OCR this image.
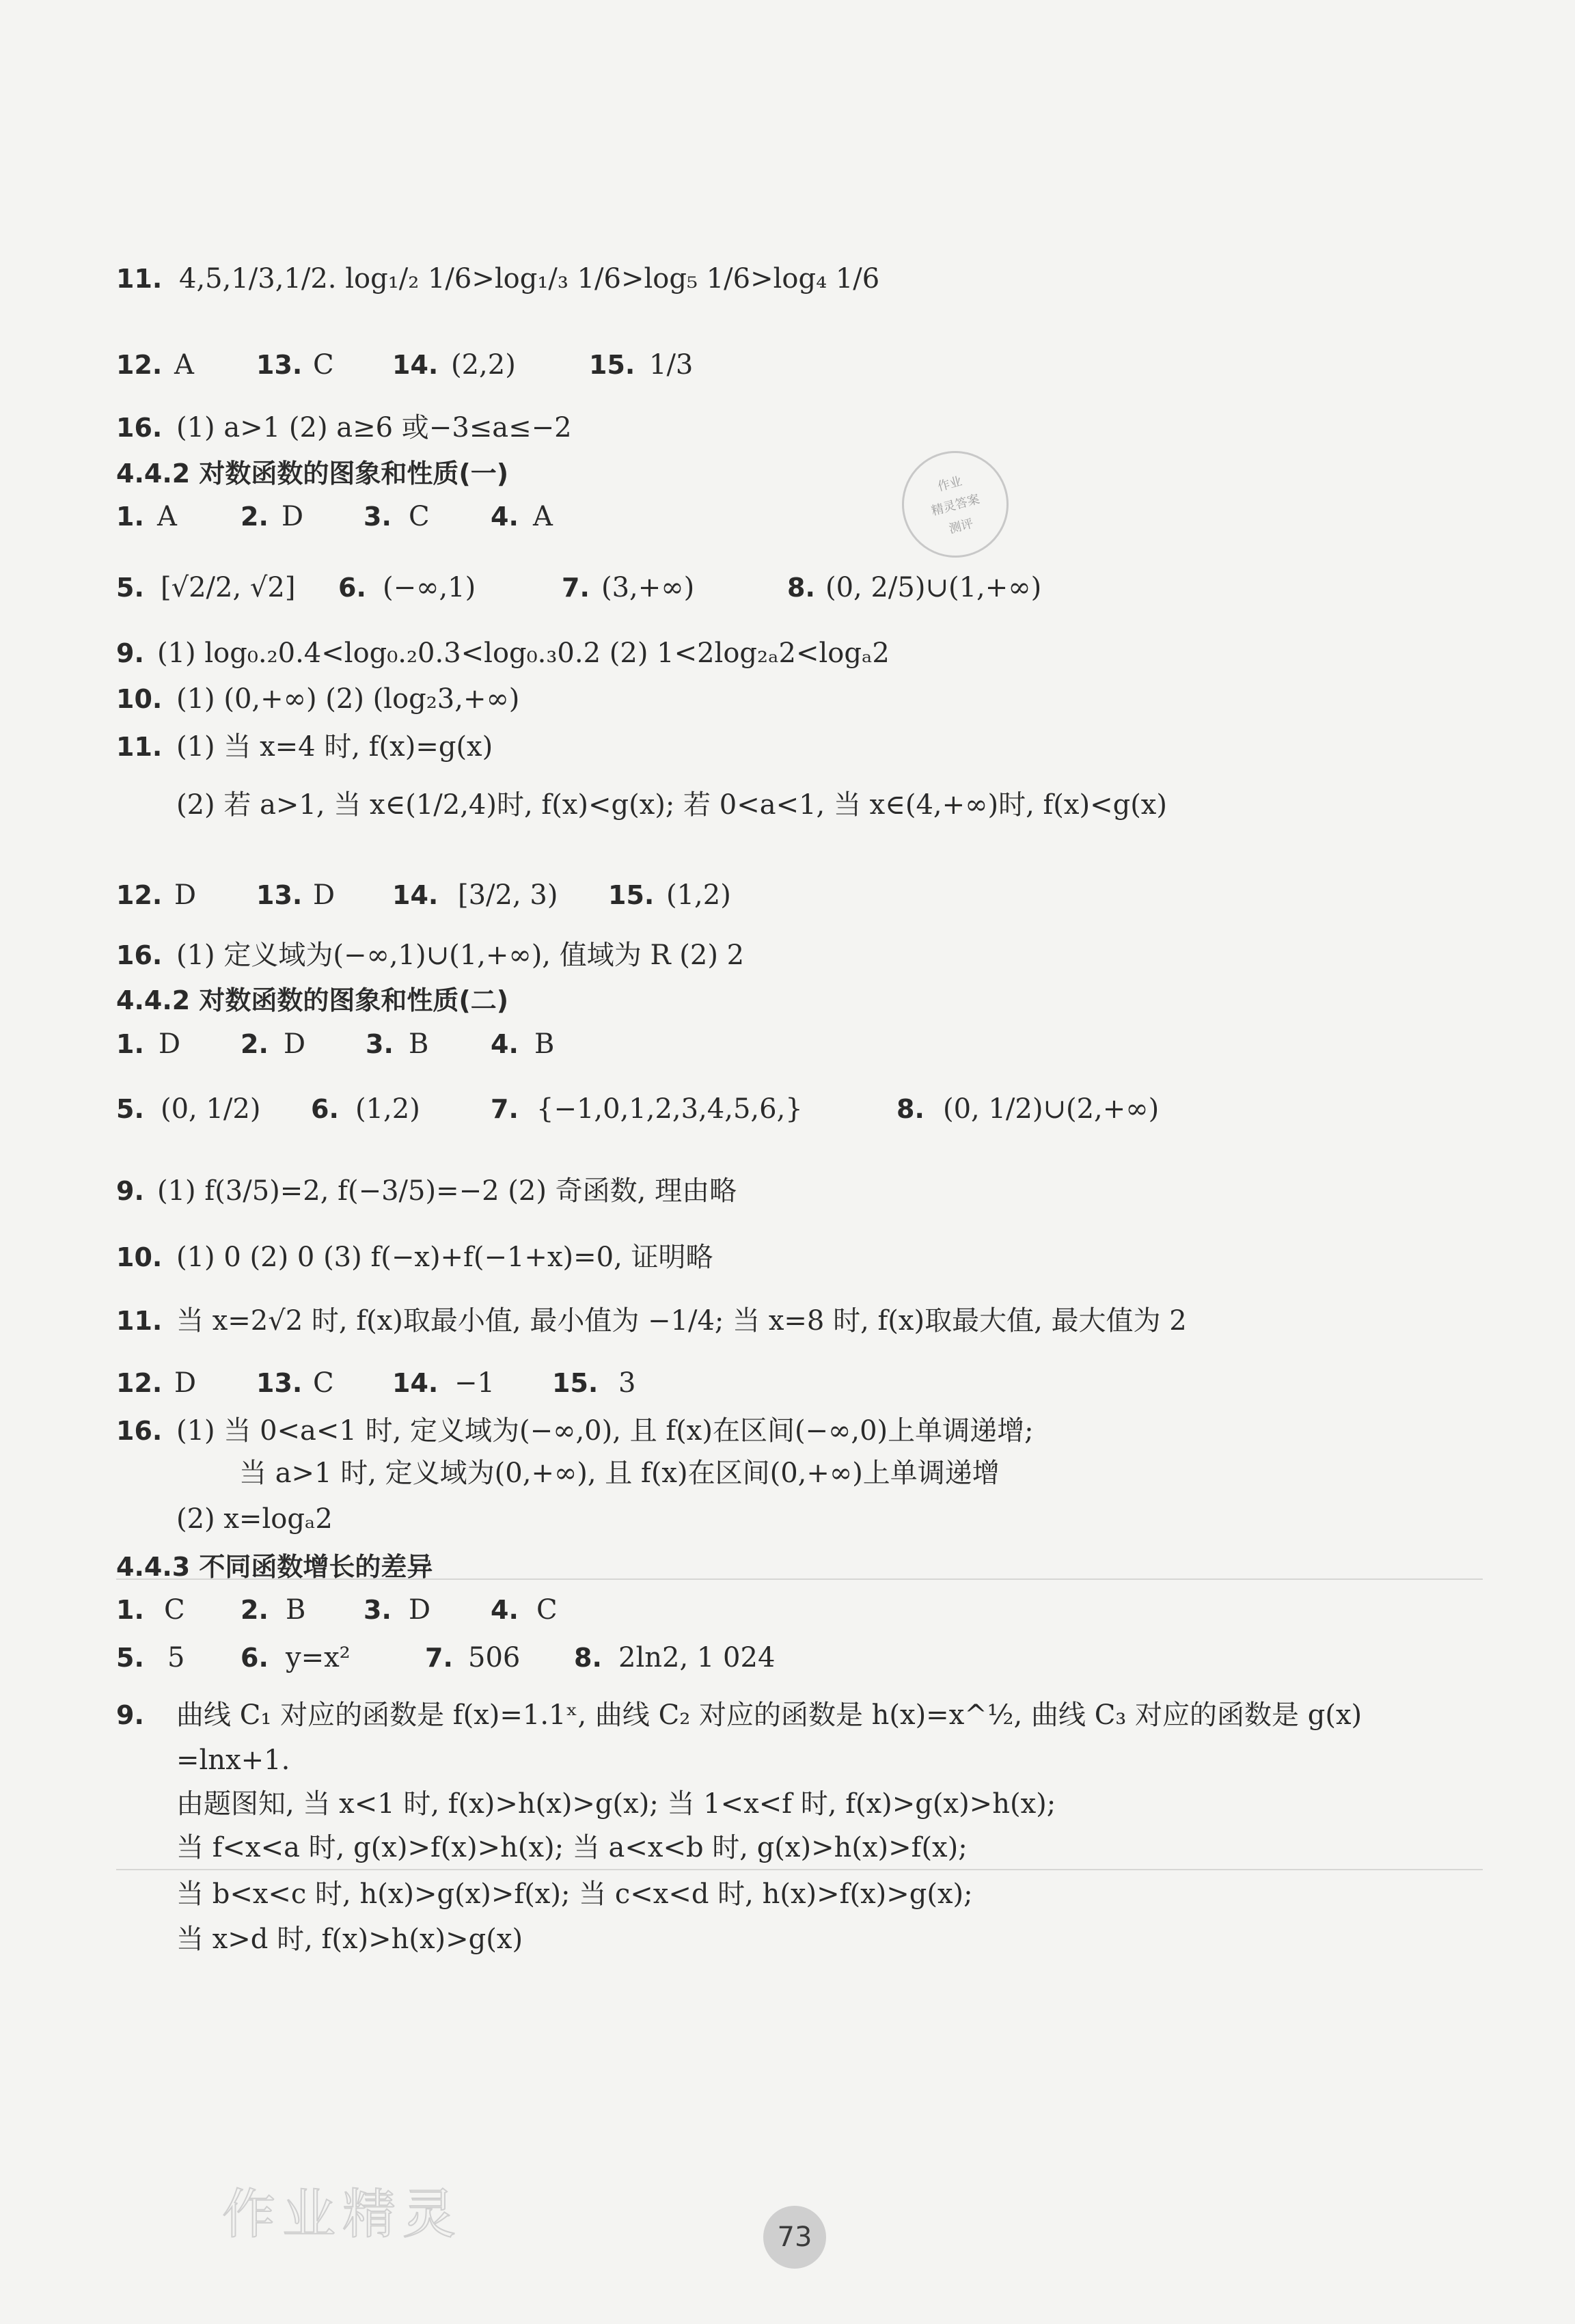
作业
精灵答案
测评
作业精灵	73
11. 4,5,1/3,1/2. log₁/₂ 1/6>log₁/₃ 1/6>log₅ 1/6>log₄ 1/6
12. A 13. C 14. (2,2)	15. 1/3
16. (1) a>1 (2) a≥6 或−3≤a≤−2
4.4.2 对数函数的图象和性质(一)
1. A 2. D 3. C 4. A
5. [√2/2, √2] 6. (−∞,1)	7. (3,+∞)	8. (0, 2/5)∪(1,+∞)
9. (1) log₀.₂0.4<log₀.₂0.3<log₀.₃0.2 (2) 1<2log₂ₐ2<logₐ2
10. (1) (0,+∞) (2) (log₂3,+∞)
11. (1) 当 x=4 时, f(x)=g(x)
(2) 若 a>1, 当 x∈(1/2,4)时, f(x)<g(x); 若 0<a<1, 当 x∈(4,+∞)时, f(x)<g(x)
12. D 13. D 14. [3/2, 3) 15. (1,2)
16. (1) 定义域为(−∞,1)∪(1,+∞), 值域为 R (2) 2
4.4.2 对数函数的图象和性质(二)
1. D 2. D 3. B 4. B
5. (0, 1/2) 6. (1,2)	7. {−1,0,1,2,3,4,5,6,}	8. (0, 1/2)∪(2,+∞)
9. (1) f(3/5)=2, f(−3/5)=−2 (2) 奇函数, 理由略
10. (1) 0 (2) 0 (3) f(−x)+f(−1+x)=0, 证明略
11. 当 x=2√2 时, f(x)取最小值, 最小值为 −1/4; 当 x=8 时, f(x)取最大值, 最大值为 2
12. D 13. C 14. −1 15. 3
16. (1) 当 0<a<1 时, 定义域为(−∞,0), 且 f(x)在区间(−∞,0)上单调递增;
当 a>1 时, 定义域为(0,+∞), 且 f(x)在区间(0,+∞)上单调递增
(2) x=logₐ2
4.4.3 不同函数增长的差异
1. C 2. B 3. D 4. C
5. 5 6. y=x²	7. 506 8. 2ln2, 1 024
9. 曲线 C₁ 对应的函数是 f(x)=1.1ˣ, 曲线 C₂ 对应的函数是 h(x)=x^½, 曲线 C₃ 对应的函数是 g(x)
=lnx+1.
由题图知, 当 x<1 时, f(x)>h(x)>g(x); 当 1<x<f 时, f(x)>g(x)>h(x);
当 f<x<a 时, g(x)>f(x)>h(x); 当 a<x<b 时, g(x)>h(x)>f(x);
当 b<x<c 时, h(x)>g(x)>f(x); 当 c<x<d 时, h(x)>f(x)>g(x);
当 x>d 时, f(x)>h(x)>g(x)
